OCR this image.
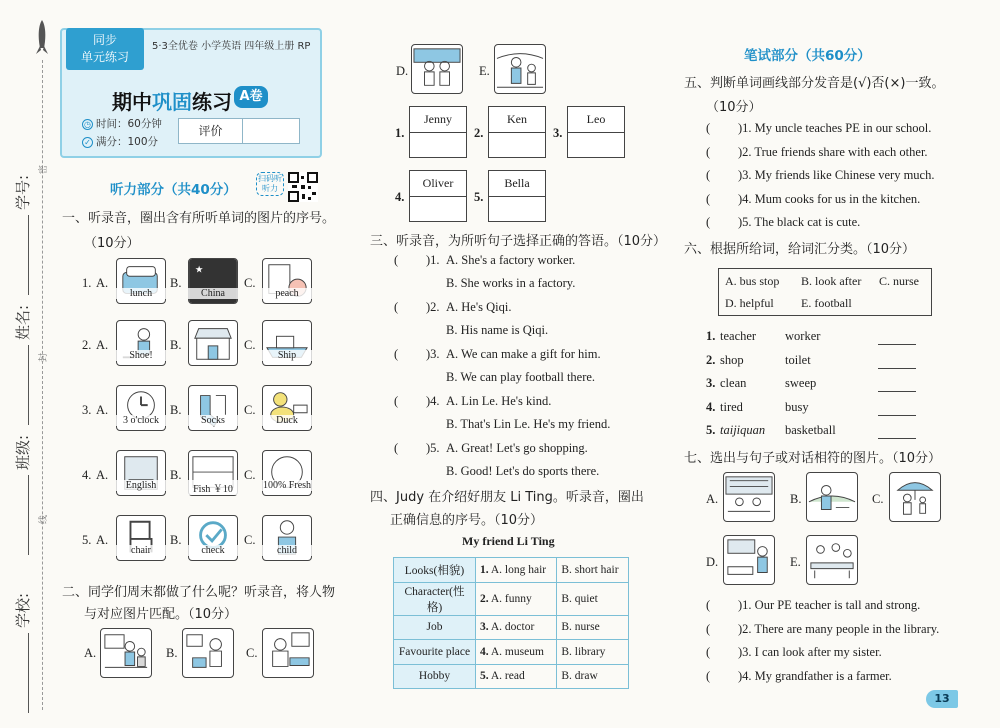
密
封
线
学号:
姓名:
班级:
学校:
同步
单元练习
5·3全优卷 小学英语 四年级上册 RP
期中巩固练习 A卷
◷ 时间：60分钟
✓ 满分：100分
评价
听力部分（共40分）
扫码听听力
一、听录音，圈出含有所听单词的图片的序号。
（10分）
1. A.
lunch
B.
★
China
C.
peach
2. A.
Shoe!
B.	C.
Ship
3. A.
3 o'clock
B.
Socks
C.
Duck
4. A.
English
B.
Fish ￥10
C.
100% Fresh
5. A.
chair
B.
check
C.
child
二、同学们周末都做了什么呢？听录音，将人物
与对应图片匹配。（10分）
A.	B.	C.
D.	E.
1.
Jenny
2.
Ken
3.
Leo
4.
Oliver
5.
Bella
三、听录音，为所听句子选择正确的答语。（10分）
( )1. A. She's a factory worker.
B. She works in a factory.
( )2. A. He's Qiqi.
B. His name is Qiqi.
( )3. A. We can make a gift for him.
B. We can play football there.
( )4. A. Lin Le. He's kind.
B. That's Lin Le. He's my friend.
( )5. A. Great! Let's go shopping.
B. Good! Let's do sports there.
四、Judy 在介绍好朋友 Li Ting。听录音，圈出
正确信息的序号。（10分）
My friend Li Ting
Looks(相貌)	1. A. long hair	B. short hair
Character(性格)	2. A. funny	B. quiet
Job	3. A. doctor	B. nurse
Favourite place	4. A. museum	B. library
Hobby	5. A. read	B. draw
笔试部分（共60分）
五、判断单词画线部分发音是(√)否(×)一致。
（10分）
( )1. My uncle teaches PE in our school.
( )2. True friends share with each other.
( )3. My friends like Chinese very much.
( )4. Mum cooks for us in the kitchen.
( )5. The black cat is cute.
六、根据所给词，给词汇分类。（10分）
A. bus stop B. look after C. nurse
D. helpful E. football
1. teacher worker
2. shop	toilet
3. clean	sweep
4. tired	busy
5. taijiquan basketball
七、选出与句子或对话相符的图片。（10分）
A.	B.	C.
D.	E.
( )1. Our PE teacher is tall and strong.
( )2. There are many people in the library.
( )3. I can look after my sister.
( )4. My grandfather is a farmer.
13
